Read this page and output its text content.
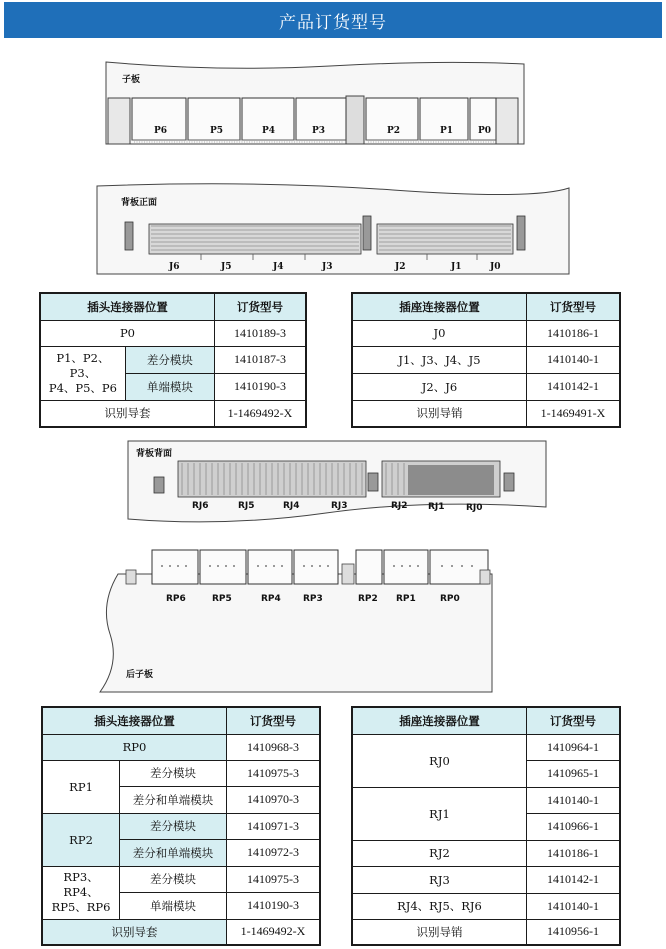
产品订货型号
子板
P6	P5	P4	P3	P2	P1	P0
背板正面
J6	J5	J4	J3	J2	J1	J0
插头连接器位置		订货型号
P0		1410189-3

P1、P2、P3、
P4、P5、P6	差分模块	1410187-3
	单端模块	1410190-3
识别导套		1-1469492-X
插座连接器位置	订货型号
J0	1410186-1
J1、J3、J4、J5	1410140-1
J2、J6	1410142-1
识别导销	1-1469491-X
背板背面
RJ6	RJ5	RJ4	RJ3	RJ2 RJ1 RJ0
RP6	RP5	RP4 RP3	RP2 RP1	RP0
后子板
插头连接器位置		订货型号
RP0		1410968-3
RP1	差分模块	1410975-3
	差分和单端模块	1410970-3
RP2	差分模块	1410971-3
	差分和单端模块	1410972-3

RP3、RP4、
RP5、RP6	差分模块	1410975-3
	单端模块	1410190-3
识别导套		1-1469492-X
插座连接器位置	订货型号
RJ0	1410964-1
	1410965-1
RJ1	1410140-1
	1410966-1
RJ2	1410186-1
RJ3	1410142-1
RJ4、RJ5、RJ6	1410140-1
识别导销	1410956-1
